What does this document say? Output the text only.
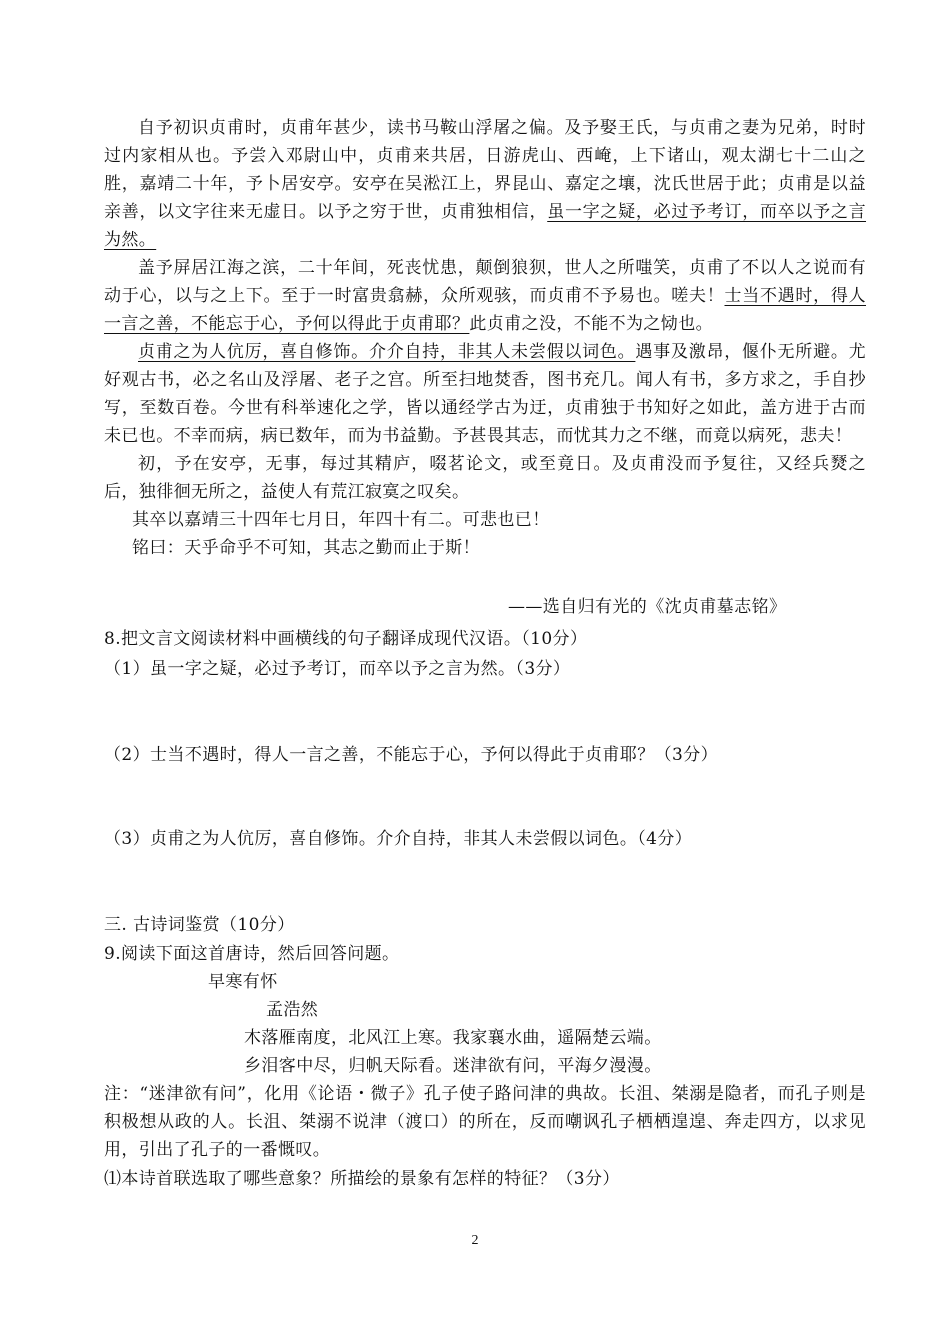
自予初识贞甫时，贞甫年甚少，读书马鞍山浮屠之偏。及予娶王氏，与贞甫之妻为兄弟，时时过内家相从也。予尝入邓尉山中，贞甫来共居，日游虎山、西崦，上下诸山，观太湖七十二山之胜，嘉靖二十年，予卜居安亭。安亭在吴淞江上，界昆山、嘉定之壤，沈氏世居于此；贞甫是以益亲善，以文字往来无虚日。以予之穷于世，贞甫独相信，虽一字之疑，必过予考订，而卒以予之言为然。

盖予屏居江海之滨，二十年间，死丧忧患，颠倒狼狈，世人之所嗤笑，贞甫了不以人之说而有动于心，以与之上下。至于一时富贵翕赫，众所观骇，而贞甫不予易也。嗟夫！士当不遇时，得人一言之善，不能忘于心，予何以得此于贞甫耶？此贞甫之没，不能不为之恸也。

贞甫之为人伉厉，喜自修饰。介介自持，非其人未尝假以词色。遇事及激昂，偃仆无所避。尤好观古书，必之名山及浮屠、老子之宫。所至扫地焚香，图书充几。闻人有书，多方求之，手自抄写，至数百卷。今世有科举速化之学，皆以通经学古为迂，贞甫独于书知好之如此，盖方进于古而未已也。不幸而病，病已数年，而为书益勤。予甚畏其志，而忧其力之不继，而竟以病死，悲夫！

初，予在安亭，无事，每过其精庐，啜茗论文，或至竟日。及贞甫没而予复往，又经兵燹之后，独徘徊无所之，益使人有荒江寂寞之叹矣。

其卒以嘉靖三十四年七月日，年四十有二。可悲也已！

铭曰：天乎命乎不可知，其志之勤而止于斯！

——选自归有光的《沈贞甫墓志铭》
8.把文言文阅读材料中画横线的句子翻译成现代汉语。（10分）
（1）虽一字之疑，必过予考订，而卒以予之言为然。（3分）
（2）士当不遇时，得人一言之善，不能忘于心，予何以得此于贞甫耶？（3分）
（3）贞甫之为人伉厉，喜自修饰。介介自持，非其人未尝假以词色。（4分）
三. 古诗词鉴赏（10分）
9.阅读下面这首唐诗，然后回答问题。
早寒有怀
孟浩然
木落雁南度，北风江上寒。我家襄水曲，遥隔楚云端。
乡泪客中尽，归帆天际看。迷津欲有问，平海夕漫漫。

注：“迷津欲有问”，化用《论语・微子》孔子使子路问津的典故。长沮、桀溺是隐者，而孔子则是积极想从政的人。长沮、桀溺不说津（渡口）的所在，反而嘲讽孔子栖栖遑遑、奔走四方，以求见用，引出了孔子的一番慨叹。

⑴本诗首联选取了哪些意象？所描绘的景象有怎样的特征？（3分）
2
